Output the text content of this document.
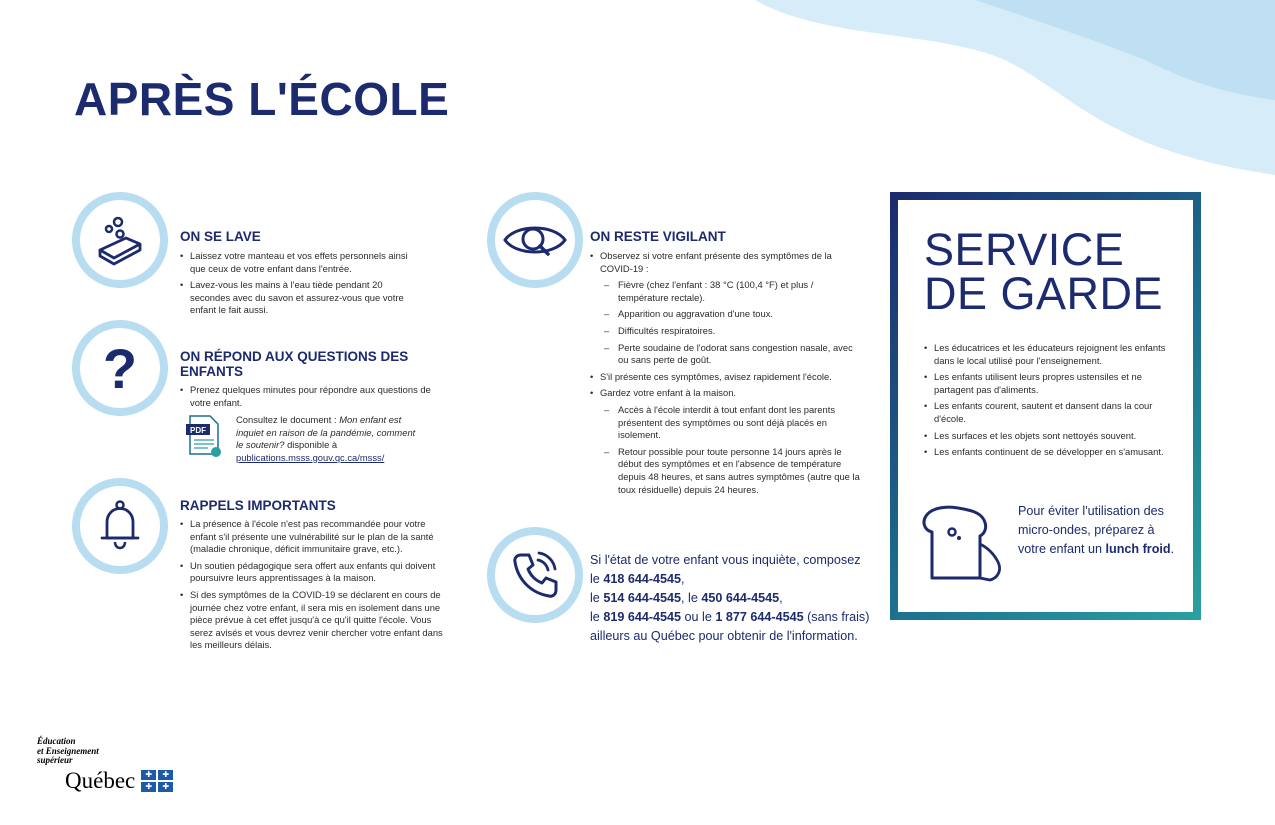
APRÈS L'ÉCOLE
ON SE LAVE
• Laissez votre manteau et vos effets personnels ainsi que ceux de votre enfant dans l'entrée.
• Lavez-vous les mains à l'eau tiède pendant 20 secondes avec du savon et assurez-vous que votre enfant le fait aussi.
?	ON RÉPOND AUX QUESTIONS DES ENFANTS
• Prenez quelques minutes pour répondre aux questions de votre enfant.
PDF
Consultez le document : Mon enfant est inquiet en raison de la pandémie, comment le soutenir? disponible à
publications.msss.gouv.qc.ca/msss/
RAPPELS IMPORTANTS
• La présence à l'école n'est pas recommandée pour votre enfant s'il présente une vulnérabilité sur le plan de la santé (maladie chronique, déficit immunitaire grave, etc.).
• Un soutien pédagogique sera offert aux enfants qui doivent poursuivre leurs apprentissages à la maison.
• Si des symptômes de la COVID-19 se déclarent en cours de journée chez votre enfant, il sera mis en isolement dans une pièce prévue à cet effet jusqu'à ce qu'il quitte l'école. Vous serez avisés et vous devrez venir chercher votre enfant dans les meilleurs délais.
ON RESTE VIGILANT
• Observez si votre enfant présente des symptômes de la COVID-19 :
– Fièvre (chez l'enfant : 38 °C (100,4 °F) et plus / température rectale).
– Apparition ou aggravation d'une toux.
– Difficultés respiratoires.
– Perte soudaine de l'odorat sans congestion nasale, avec ou sans perte de goût.
• S'il présente ces symptômes, avisez rapidement l'école.
• Gardez votre enfant à la maison.
– Accès à l'école interdit à tout enfant dont les parents présentent des symptômes ou sont déjà placés en isolement.
– Retour possible pour toute personne 14 jours après le début des symptômes et en l'absence de température depuis 48 heures, et sans autres symptômes (autre que la toux résiduelle) depuis 24 heures.
Si l'état de votre enfant vous inquiète, composez le 418 644-4545,
le 514 644-4545, le 450 644-4545,
le 819 644-4545 ou le 1 877 644-4545 (sans frais) ailleurs au Québec pour obtenir de l'information.
SERVICE
DE GARDE
• Les éducatrices et les éducateurs rejoignent les enfants dans le local utilisé pour l'enseignement.
• Les enfants utilisent leurs propres ustensiles et ne partagent pas d'aliments.
• Les enfants courent, sautent et dansent dans la cour d'école.
• Les surfaces et les objets sont nettoyés souvent.
• Les enfants continuent de se développer en s'amusant.
Pour éviter l'utilisation des micro-ondes, préparez à votre enfant un lunch froid.
Éducation
et Enseignement
supérieur
Québec	✚	✚
✚	✚
